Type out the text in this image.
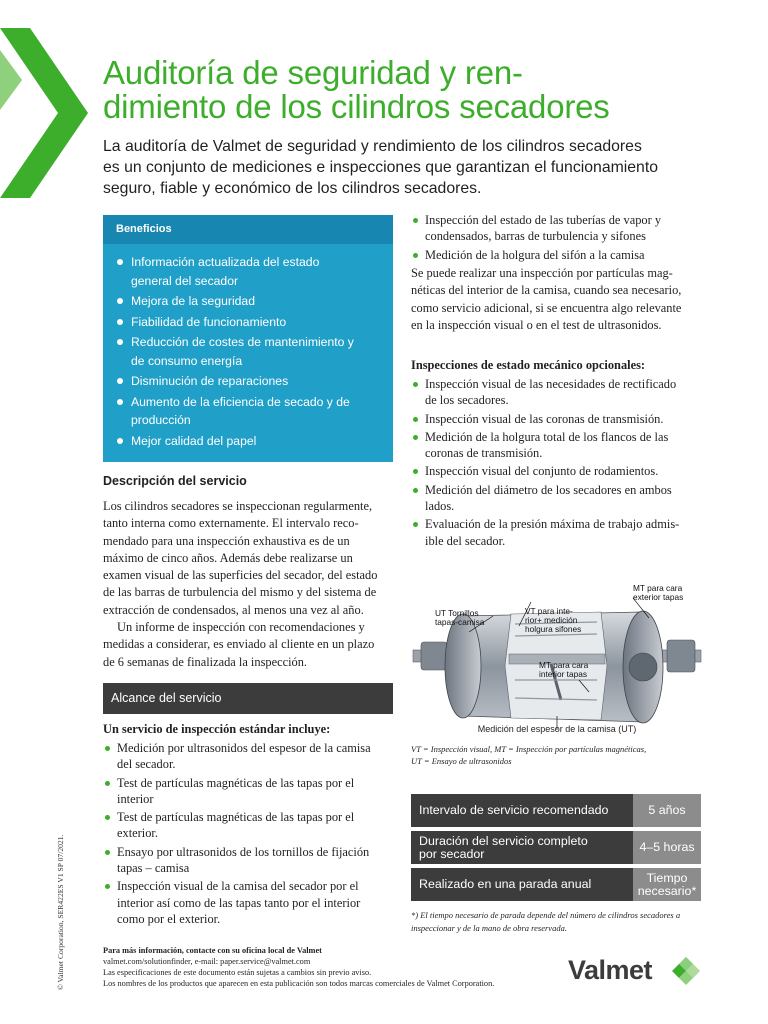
Auditoría de seguridad y ren-
dimiento de los cilindros secadores
La auditoría de Valmet de seguridad y rendimiento de los cilindros secadores
es un conjunto de mediciones e inspecciones que garantizan el funcionamiento
seguro, fiable y económico de los cilindros secadores.
Beneficios
Información actualizada del estado
general del secador
Mejora de la seguridad
Fiabilidad de funcionamiento
Reducción de costes de mantenimiento y
de consumo energía
Disminución de reparaciones
Aumento de la eficiencia de secado y de
producción
Mejor calidad del papel
Descripción del servicio

Los cilindros secadores se inspeccionan regularmente,
tanto interna como externamente. El intervalo reco-
mendado para una inspección exhaustiva es de un
máximo de cinco años. Además debe realizarse un
examen visual de las superficies del secador, del estado
de las barras de turbulencia del mismo y del sistema de
extracción de condensados, al menos una vez al año.

Un informe de inspección con recomendaciones y
medidas a considerar, es enviado al cliente en un plazo
de 6 semanas de finalizada la inspección.

Alcance del servicio
Un servicio de inspección estándar incluye:
Medición por ultrasonidos del espesor de la camisa
del secador.
Test de partículas magnéticas de las tapas por el
interior
Test de partículas magnéticas de las tapas por el
exterior.
Ensayo por ultrasonidos de los tornillos de fijación
tapas – camisa
Inspección visual de la camisa del secador por el
interior así como de las tapas tanto por el interior
como por el exterior.
Inspección del estado de las tuberías de vapor y
condensados, barras de turbulencia y sifones
Medición de la holgura del sifón a la camisa
Se puede realizar una inspección por partículas mag-
néticas del interior de la camisa, cuando sea necesario,
como servicio adicional, si se encuentra algo relevante
en la inspección visual o en el test de ultrasonidos.
Inspecciones de estado mecánico opcionales:
Inspección visual de las necesidades de rectificado
de los secadores.
Inspección visual de las coronas de transmisión.
Medición de la holgura total de los flancos de las
coronas de transmisión.
Inspección visual del conjunto de rodamientos.
Medición del diámetro de los secadores en ambos
lados.
Evaluación de la presión máxima de trabajo admis-
ible del secador.
MT para cara
exterior tapas
UT Tornillos
tapas-camisa
VT para inte-
rior+ medición
holgura sifones
MT para cara
interior tapas
Medición del espesor de la camisa (UT)
VT = Inspección visual, MT = Inspección por partículas magnéticas,
UT = Ensayo de ultrasonidos
Intervalo de servicio recomendado	5 años
Duración del servicio completo
por secador	4–5 horas
Realizado en una parada anual	Tiempo
necesario*
*) El tiempo necesario de parada depende del número de cilindros secadores a
inspeccionar y de la mano de obra reservada.
Para más información, contacte con su oficina local de Valmet
valmet.com/solutionfinder, e-mail: paper.service@valmet.com
Las especificaciones de este documento están sujetas a cambios sin previo aviso.
Los nombres de los productos que aparecen en esta publicación son todos marcas comerciales de Valmet Corporation.
© Valmet Corporation, SER422ES V1 SP 07/2021.	Valmet
